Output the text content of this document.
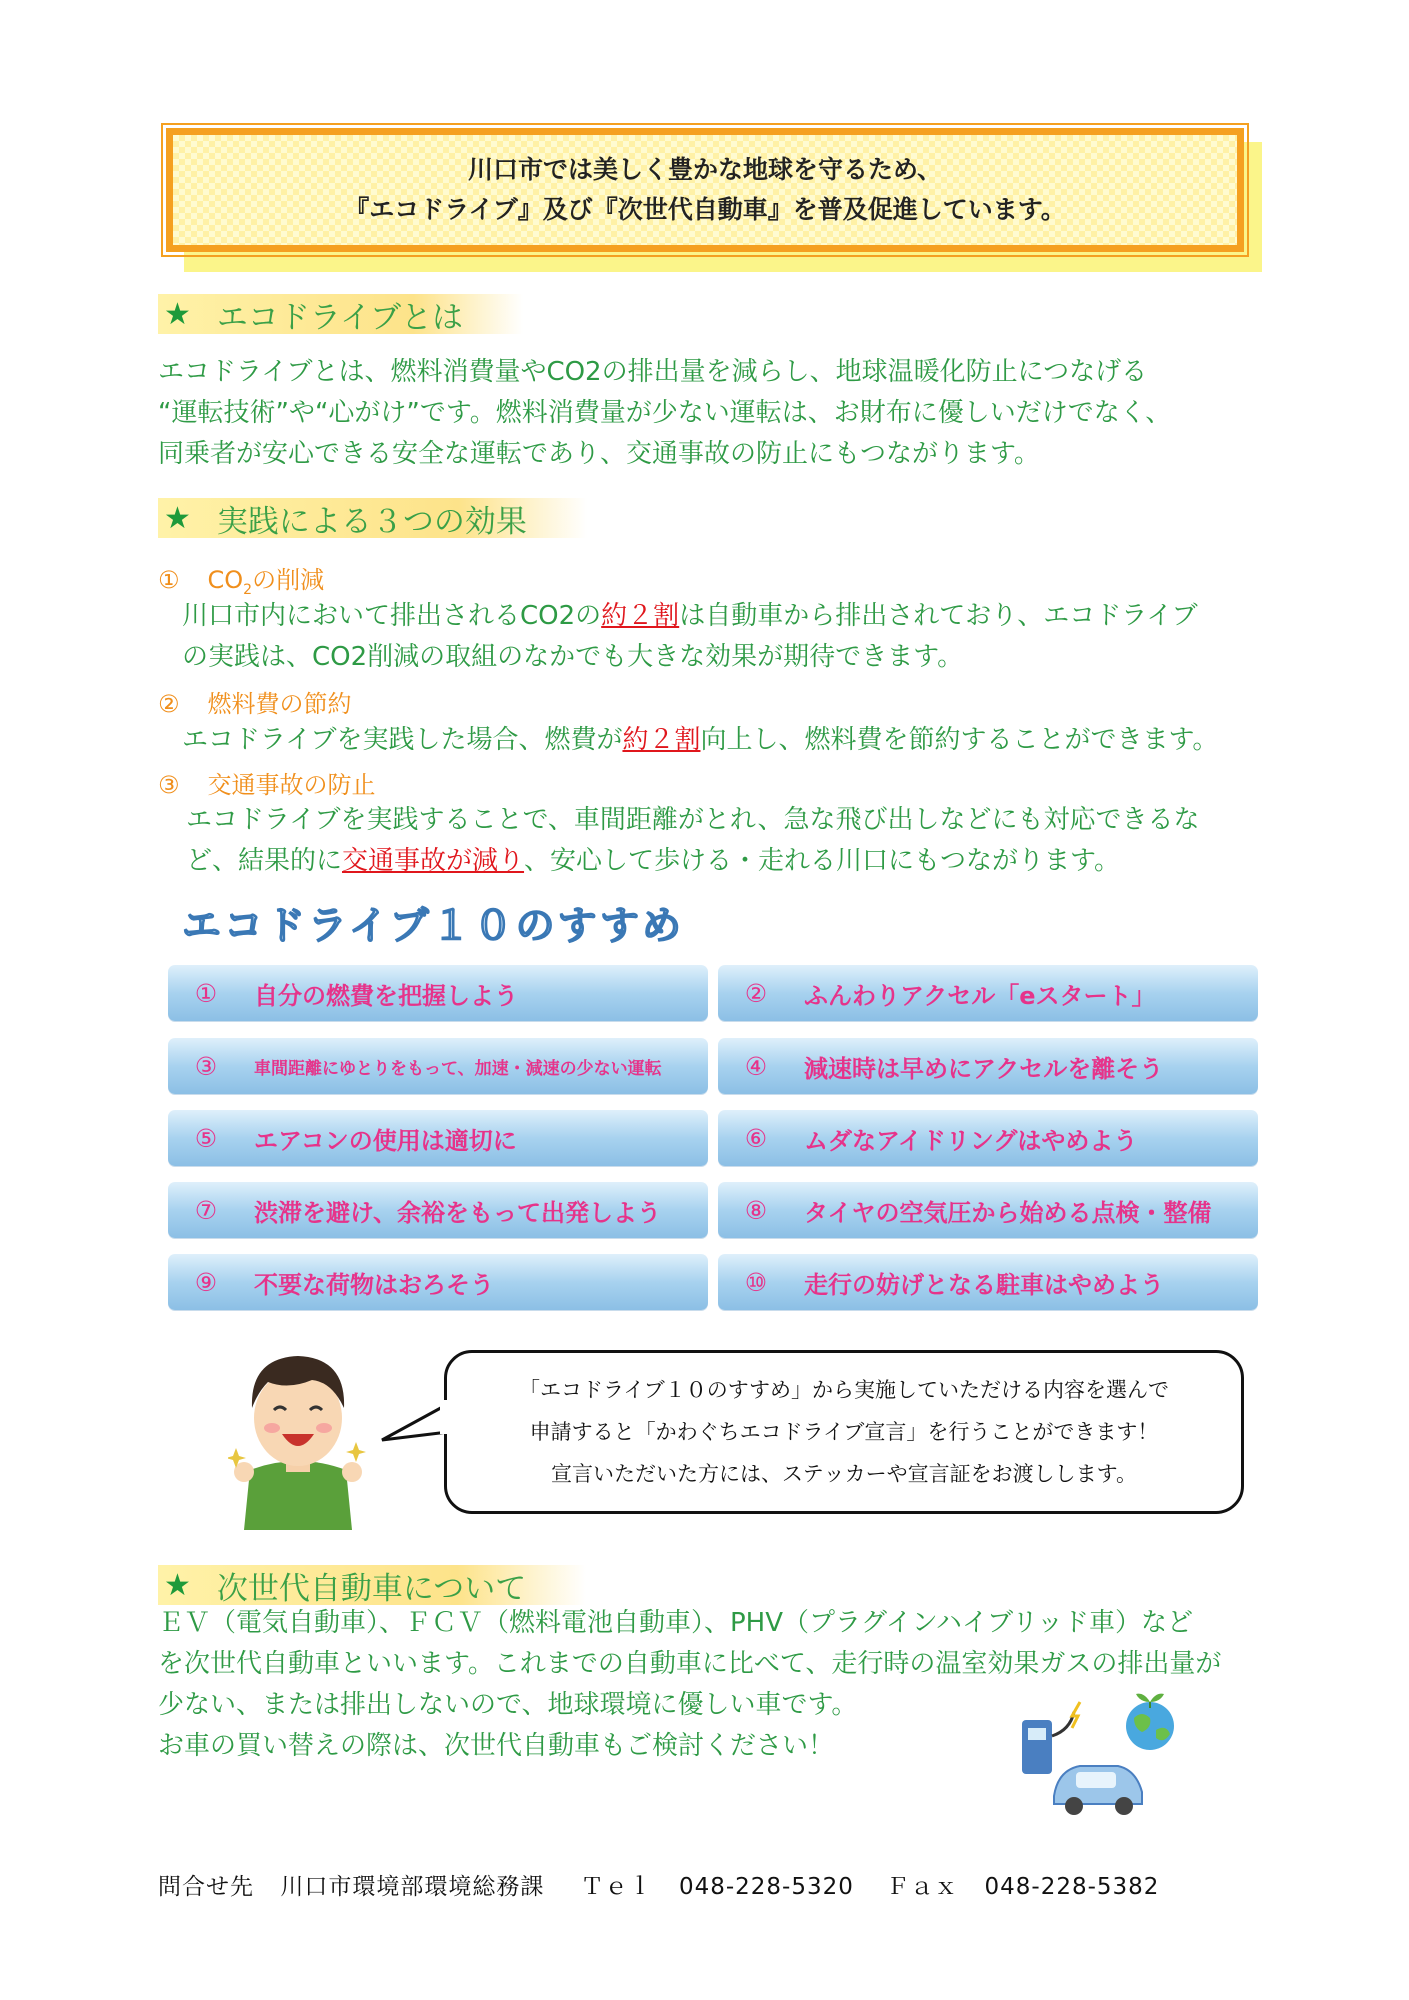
川口市では美しく豊かな地球を守るため、
『エコドライブ』及び『次世代自動車』を普及促進しています。
★ エコドライブとは
エコドライブとは、燃料消費量やCO2の排出量を減らし、地球温暖化防止につなげる
“運転技術”や“心がけ”です。燃料消費量が少ない運転は、お財布に優しいだけでなく、
同乗者が安心できる安全な運転であり、交通事故の防止にもつながります。
★ 実践による３つの効果
① $CO_2$の削減
川口市内において排出されるCO2の約２割は自動車から排出されており、エコドライブ
の実践は、CO2削減の取組のなかでも大きな効果が期待できます。
② 燃料費の節約
エコドライブを実践した場合、燃費が約２割向上し、燃料費を節約することができます。
③ 交通事故の防止
エコドライブを実践することで、車間距離がとれ、急な飛び出しなどにも対応できるな
ど、結果的に交通事故が減り、安心して歩ける・走れる川口にもつながります。
エコドライブ１０のすすめ
①	自分の燃費を把握しよう	②	ふんわりアクセル「eスタート」
③	車間距離にゆとりをもって、加速・減速の少ない運転	④	減速時は早めにアクセルを離そう
⑤	エアコンの使用は適切に	⑥	ムダなアイドリングはやめよう
⑦	渋滞を避け、余裕をもって出発しよう	⑧	タイヤの空気圧から始める点検・整備
⑨	不要な荷物はおろそう	⑩	走行の妨げとなる駐車はやめよう
「エコドライブ１０のすすめ」から実施していただける内容を選んで
申請すると「かわぐちエコドライブ宣言」を行うことができます！
宣言いただいた方には、ステッカーや宣言証をお渡しします。
★ 次世代自動車について
ＥＶ（電気自動車）、ＦＣＶ（燃料電池自動車）、PHV（プラグインハイブリッド車）など
を次世代自動車といいます。これまでの自動車に比べて、走行時の温室効果ガスの排出量が
少ない、または排出しないので、地球環境に優しい車です。
お車の買い替えの際は、次世代自動車もご検討ください！
問合せ先 川口市環境部環境総務課 Ｔｅｌ 048-228-5320 Ｆａｘ 048-228-5382
